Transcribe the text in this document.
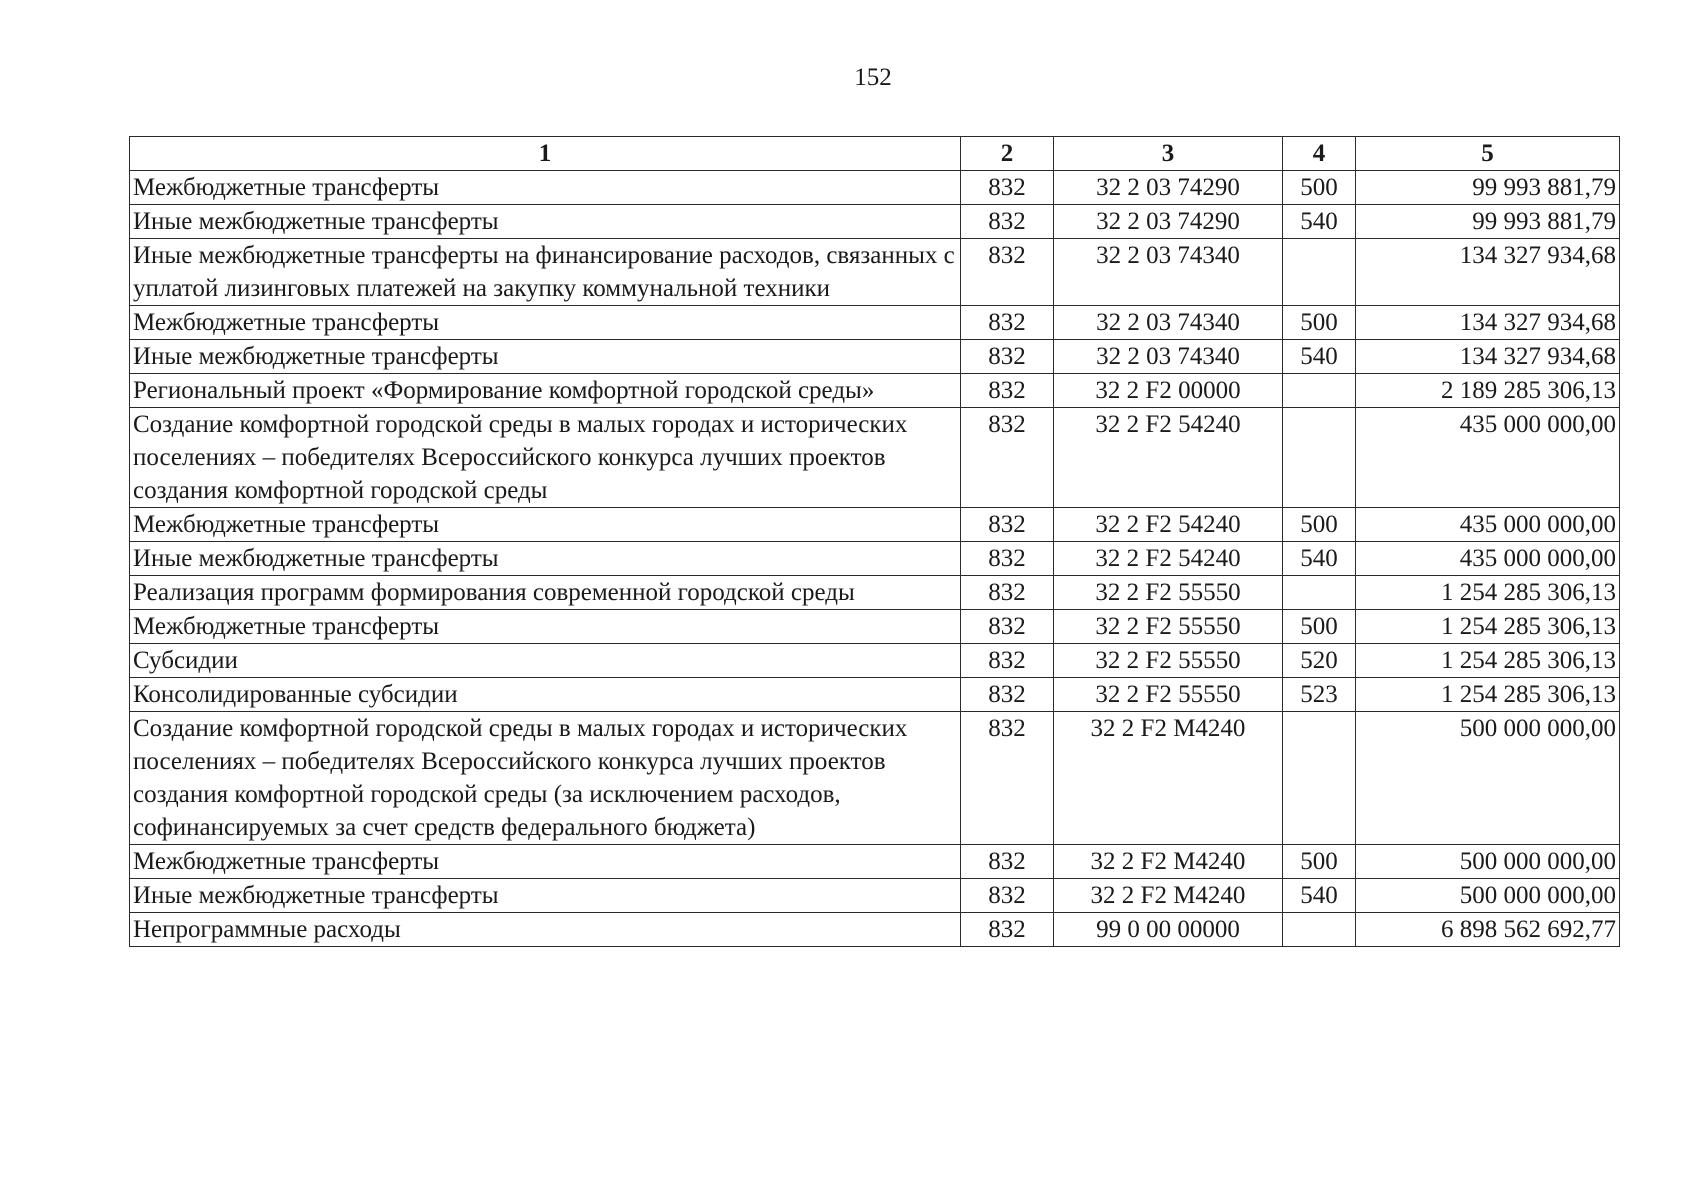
152
1	2	3	4	5
Межбюджетные трансферты	832	32 2 03 74290	500	99 993 881,79
Иные межбюджетные трансферты	832	32 2 03 74290	540	99 993 881,79
Иные межбюджетные трансферты на финансирование расходов, связанных с уплатой лизинговых платежей на закупку коммунальной техники	832	32 2 03 74340		134 327 934,68
Межбюджетные трансферты	832	32 2 03 74340	500	134 327 934,68
Иные межбюджетные трансферты	832	32 2 03 74340	540	134 327 934,68
Региональный проект «Формирование комфортной городской среды»	832	32 2 F2 00000		2 189 285 306,13
Создание комфортной городской среды в малых городах и исторических поселениях – победителях Всероссийского конкурса лучших проектов создания комфортной городской среды	832	32 2 F2 54240		435 000 000,00
Межбюджетные трансферты	832	32 2 F2 54240	500	435 000 000,00
Иные межбюджетные трансферты	832	32 2 F2 54240	540	435 000 000,00
Реализация программ формирования современной городской среды	832	32 2 F2 55550		1 254 285 306,13
Межбюджетные трансферты	832	32 2 F2 55550	500	1 254 285 306,13
Субсидии	832	32 2 F2 55550	520	1 254 285 306,13
Консолидированные субсидии	832	32 2 F2 55550	523	1 254 285 306,13
Создание комфортной городской среды в малых городах и исторических поселениях – победителях Всероссийского конкурса лучших проектов создания комфортной городской среды (за исключением расходов, софинансируемых за счет средств федерального бюджета)	832	32 2 F2 M4240		500 000 000,00
Межбюджетные трансферты	832	32 2 F2 M4240	500	500 000 000,00
Иные межбюджетные трансферты	832	32 2 F2 M4240	540	500 000 000,00
Непрограммные расходы	832	99 0 00 00000		6 898 562 692,77
